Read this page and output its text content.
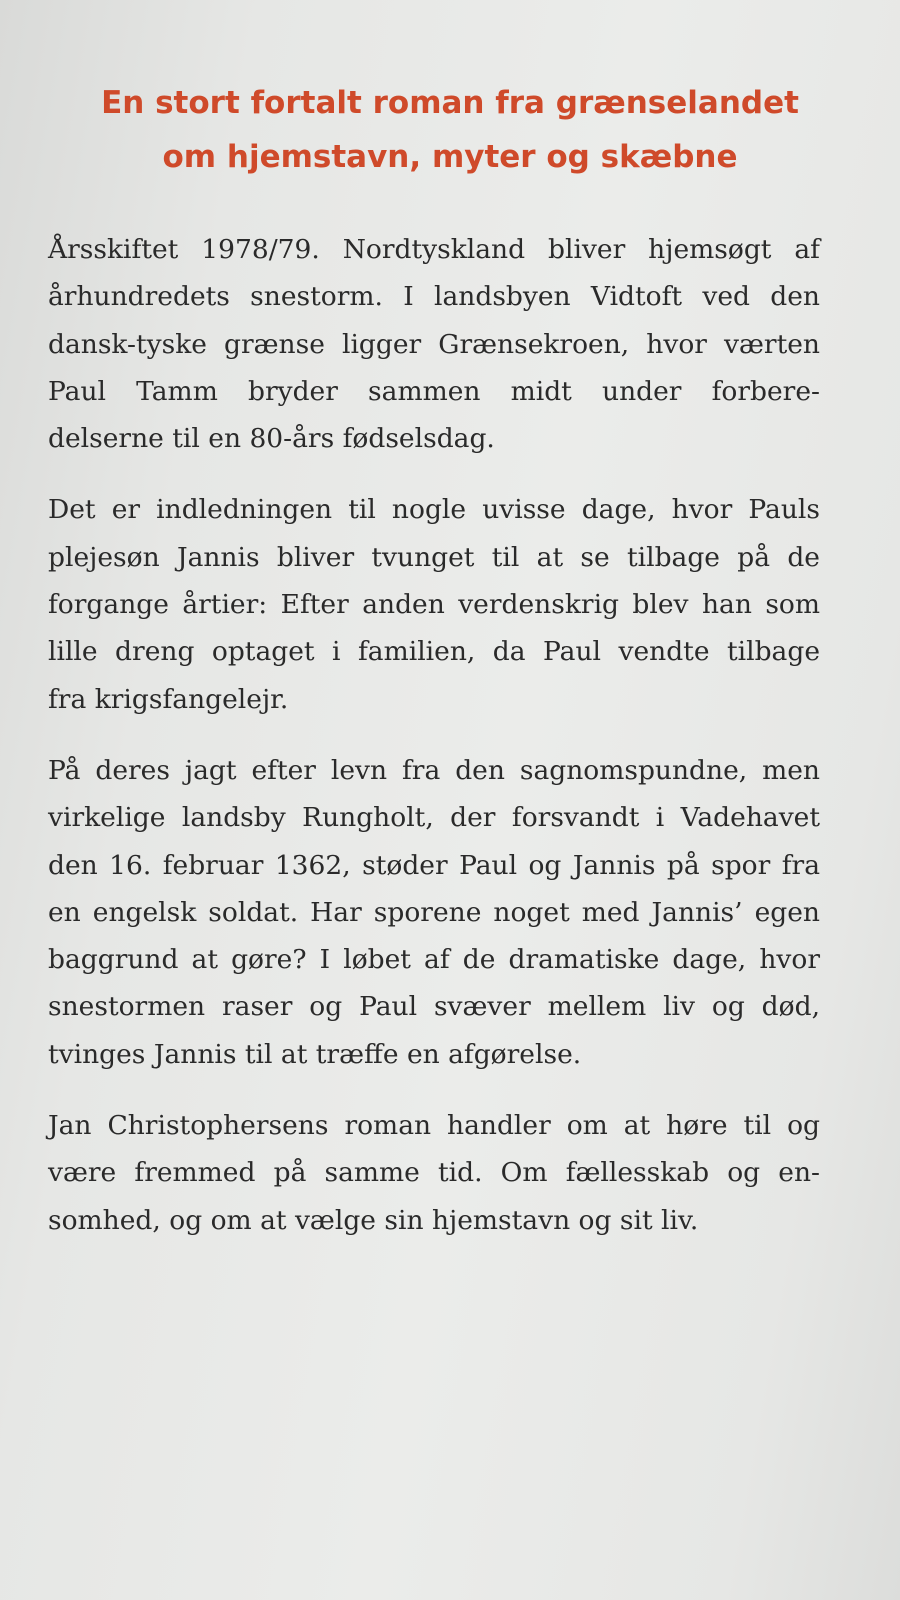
En stort fortalt roman fra grænselandet
om hjemstavn, myter og skæbne
Årsskiftet 1978/79. Nordtyskland bliver hjemsøgt af
århundredets snestorm. I landsbyen Vidtoft ved den
dansk-tyske grænse ligger Grænsekroen, hvor værten
Paul Tamm bryder sammen midt under forbere-
delserne til en 80-års fødselsdag.
Det er indledningen til nogle uvisse dage, hvor Pauls
plejesøn Jannis bliver tvunget til at se tilbage på de
forgange årtier: Efter anden verdenskrig blev han som
lille dreng optaget i familien, da Paul vendte tilbage
fra krigsfangelejr.
På deres jagt efter levn fra den sagnomspundne, men
virkelige landsby Rungholt, der forsvandt i Vadehavet
den 16. februar 1362, støder Paul og Jannis på spor fra
en engelsk soldat. Har sporene noget med Jannis’ egen
baggrund at gøre? I løbet af de dramatiske dage, hvor
snestormen raser og Paul svæver mellem liv og død,
tvinges Jannis til at træffe en afgørelse.
Jan Christophersens roman handler om at høre til og
være fremmed på samme tid. Om fællesskab og en-
somhed, og om at vælge sin hjemstavn og sit liv.
